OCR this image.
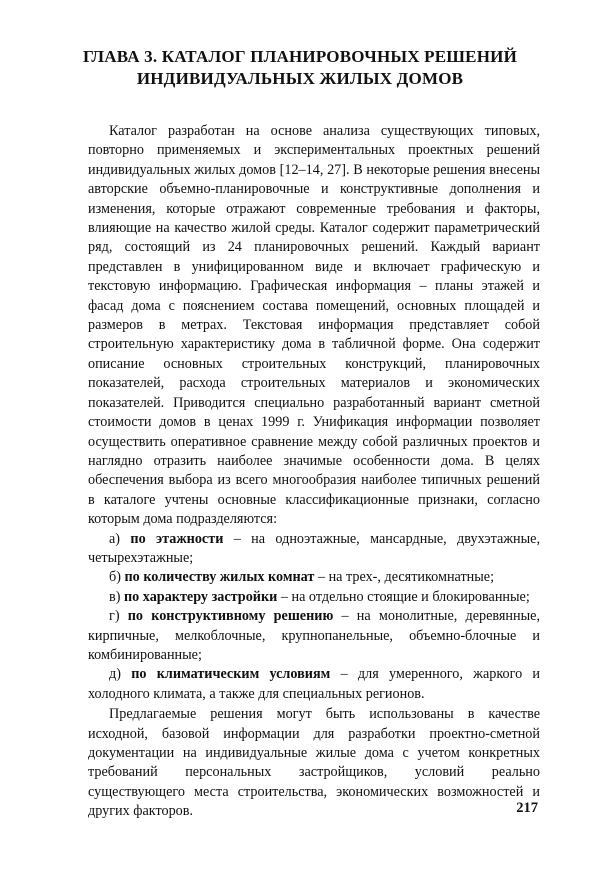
ГЛАВА 3. КАТАЛОГ ПЛАНИРОВОЧНЫХ РЕШЕНИЙ
ИНДИВИДУАЛЬНЫХ ЖИЛЫХ ДОМОВ

Каталог разработан на основе анализа существующих типовых, повторно применяемых и экспериментальных проектных решений индивидуальных жилых домов [12–14, 27]. В некоторые решения внесены авторские объемно-планировочные и конструктивные дополнения и изменения, которые отражают современные требования и факторы, влияющие на качество жилой среды. Каталог содержит параметрический ряд, состоящий из 24 планировочных решений. Каждый вариант представлен в унифицированном виде и включает графическую и текстовую информацию. Графическая информация – планы этажей и фасад дома с пояснением состава помещений, основных площадей и размеров в метрах. Текстовая информация представляет собой строительную характеристику дома в табличной форме. Она содержит описание основных строительных конструкций, планировочных показателей, расхода строительных материалов и экономических показателей. Приводится специально разработанный вариант сметной стоимости домов в ценах 1999 г. Унификация информации позволяет осуществить оперативное сравнение между собой различных проектов и наглядно отразить наиболее значимые особенности дома. В целях обеспечения выбора из всего многообразия наиболее типичных решений в каталоге учтены основные классификационные признаки, согласно которым дома подразделяются:

а) по этажности – на одноэтажные, мансардные, двухэтажные, четырехэтажные;

б) по количеству жилых комнат – на трех-, десятикомнатные;

в) по характеру застройки – на отдельно стоящие и блокированные;

г) по конструктивному решению – на монолитные, деревянные, кирпичные, мелкоблочные, крупнопанельные, объемно-блочные и комбинированные;

д) по климатическим условиям – для умеренного, жаркого и холодного климата, а также для специальных регионов.

Предлагаемые решения могут быть использованы в качестве исходной, базовой информации для разработки проектно-сметной документации на индивидуальные жилые дома с учетом конкретных требований персональных застройщиков, условий реально существующего места строительства, экономических возможностей и других факторов.	217
